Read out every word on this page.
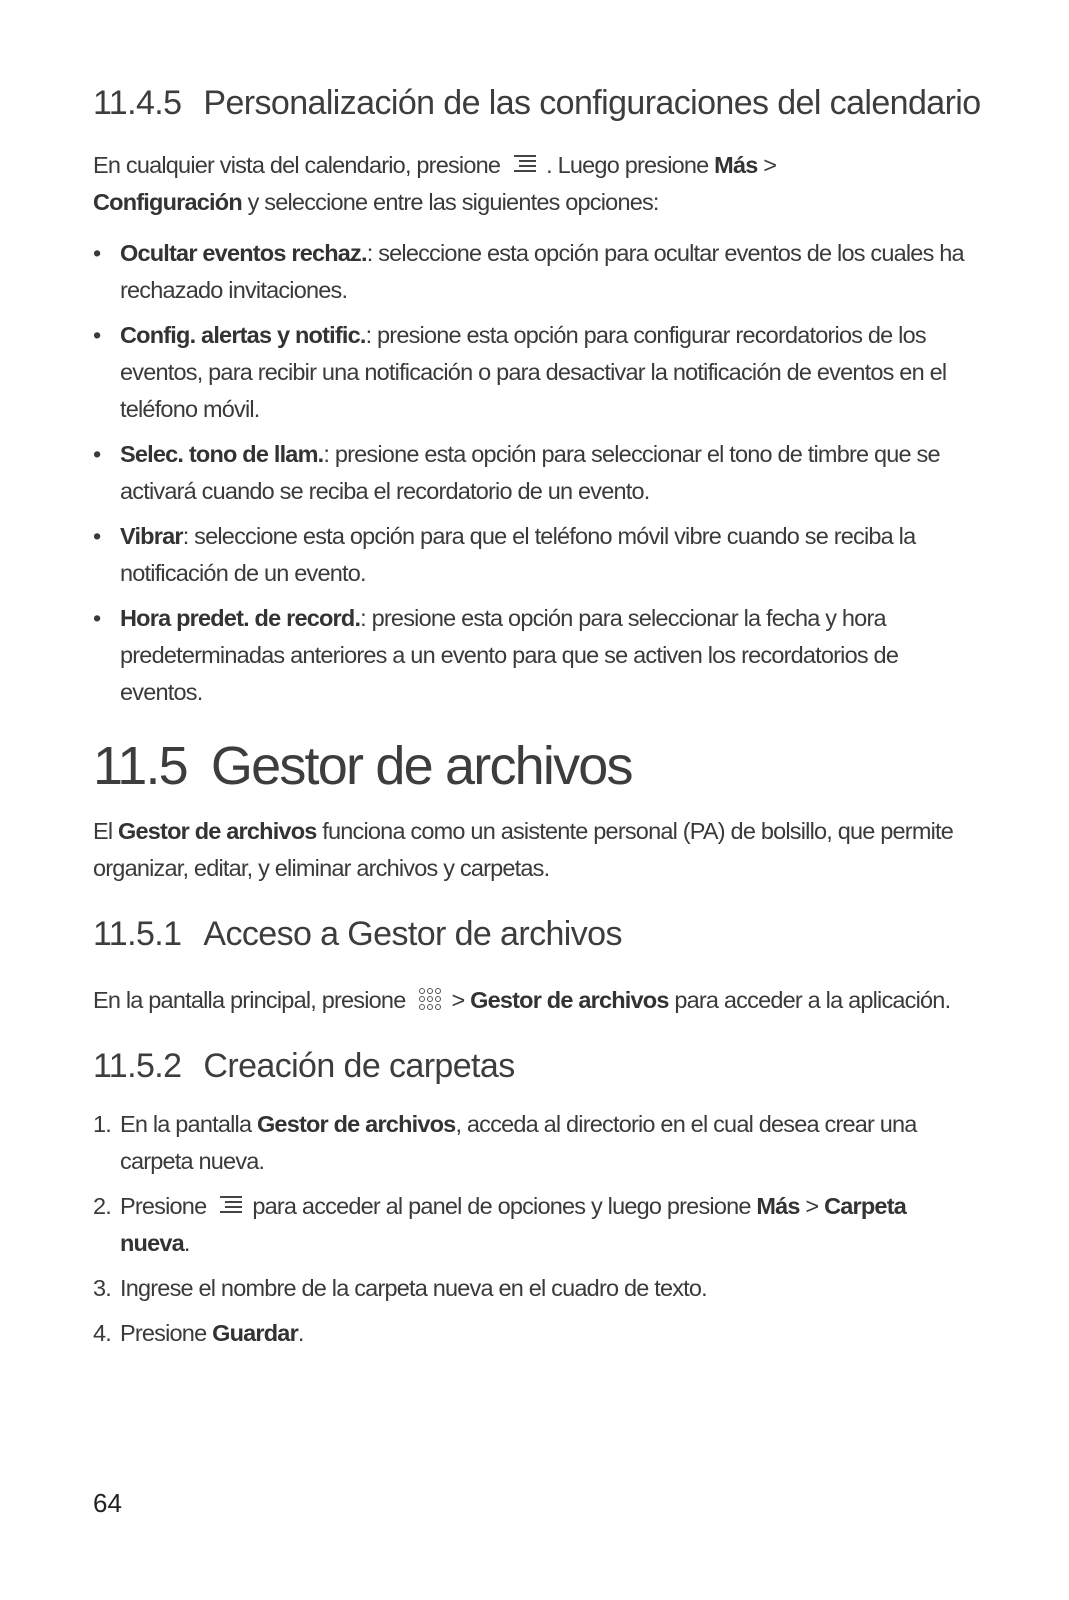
11.4.5 Personalización de las configuraciones del calendario

En cualquier vista del calendario, presione . Luego presione Más >
Configuración y seleccione entre las siguientes opciones:

• Ocultar eventos rechaz.: seleccione esta opción para ocultar eventos de los cuales ha rechazado invitaciones.
• Config. alertas y notific.: presione esta opción para configurar recordatorios de los eventos, para recibir una notificación o para desactivar la notificación de eventos en el teléfono móvil.
• Selec. tono de llam.: presione esta opción para seleccionar el tono de timbre que se activará cuando se reciba el recordatorio de un evento.
• Vibrar: seleccione esta opción para que el teléfono móvil vibre cuando se reciba la notificación de un evento.
• Hora predet. de record.: presione esta opción para seleccionar la fecha y hora predeterminadas anteriores a un evento para que se activen los recordatorios de eventos.
11.5 Gestor de archivos

El Gestor de archivos funciona como un asistente personal (PA) de bolsillo, que permite organizar, editar, y eliminar archivos y carpetas.

11.5.1 Acceso a Gestor de archivos

En la pantalla principal, presione > Gestor de archivos para acceder a la aplicación.

11.5.2 Creación de carpetas
1. En la pantalla Gestor de archivos, acceda al directorio en el cual desea crear una carpeta nueva.
2. Presione para acceder al panel de opciones y luego presione Más > Carpeta nueva.
3. Ingrese el nombre de la carpeta nueva en el cuadro de texto.
4. Presione Guardar.
64
